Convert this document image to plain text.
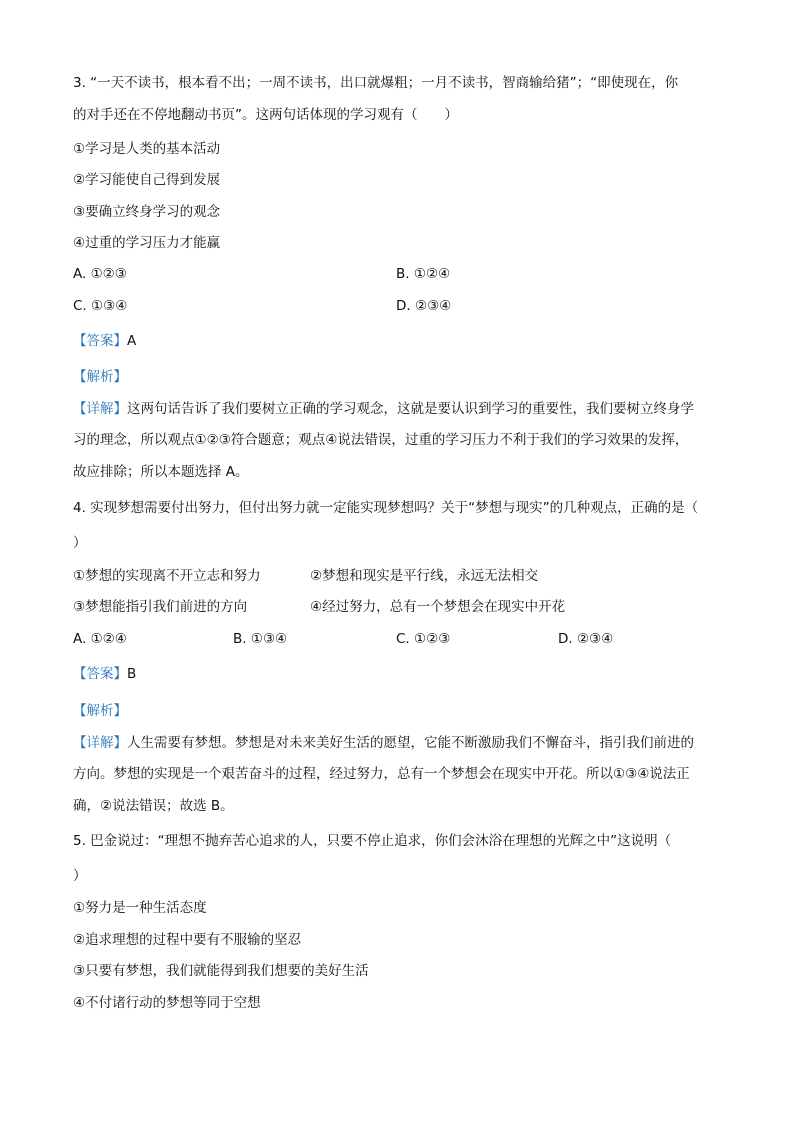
3. “一天不读书，根本看不出；一周不读书，出口就爆粗；一月不读书，智商输给猪”；“即使现在，你
的对手还在不停地翻动书页”。这两句话体现的学习观有（　　）
①学习是人类的基本活动
②学习能使自己得到发展
③要确立终身学习的观念
④过重的学习压力才能赢
A. ①②③	B. ①②④
C. ①③④	D. ②③④
【答案】A
【解析】
【详解】这两句话告诉了我们要树立正确的学习观念，这就是要认识到学习的重要性，我们要树立终身学
习的理念，所以观点①②③符合题意；观点④说法错误，过重的学习压力不利于我们的学习效果的发挥，
故应排除；所以本题选择 A。
4. 实现梦想需要付出努力，但付出努力就一定能实现梦想吗？关于“梦想与现实”的几种观点，正确的是（
）
①梦想的实现离不开立志和努力	②梦想和现实是平行线，永远无法相交
③梦想能指引我们前进的方向	④经过努力，总有一个梦想会在现实中开花
A. ①②④	B. ①③④	C. ①②③	D. ②③④
【答案】B
【解析】
【详解】人生需要有梦想。梦想是对未来美好生活的愿望，它能不断激励我们不懈奋斗，指引我们前进的
方向。梦想的实现是一个艰苦奋斗的过程，经过努力，总有一个梦想会在现实中开花。所以①③④说法正
确，②说法错误；故选 B。
5. 巴金说过：“理想不抛弃苦心追求的人，只要不停止追求，你们会沐浴在理想的光辉之中”这说明（
）
①努力是一种生活态度
②追求理想的过程中要有不服输的坚忍
③只要有梦想，我们就能得到我们想要的美好生活
④不付诸行动的梦想等同于空想
